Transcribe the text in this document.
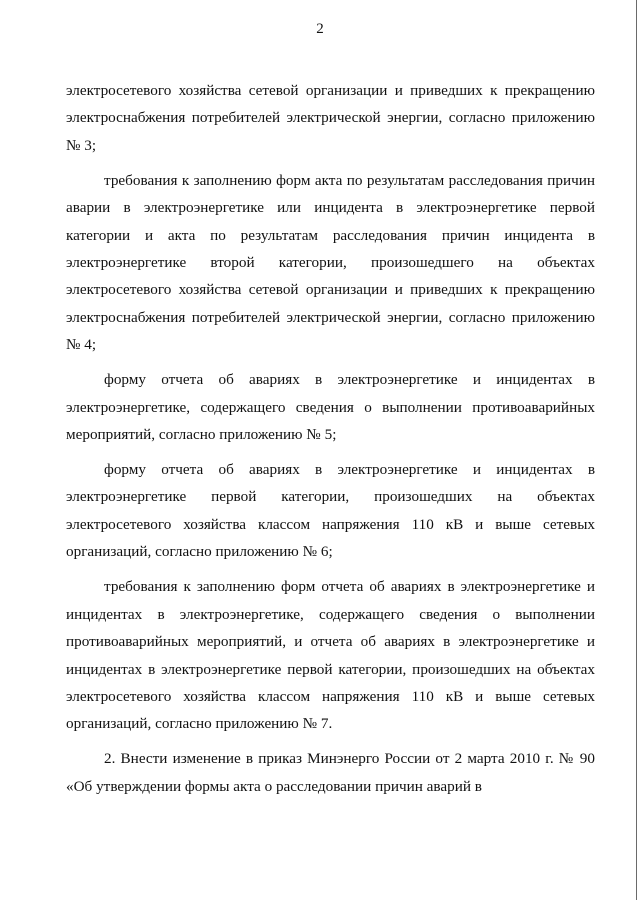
2

электросетевого хозяйства сетевой организации и приведших к прекращению электроснабжения потребителей электрической энергии, согласно приложению № 3;

требования к заполнению форм акта по результатам расследования причин аварии в электроэнергетике или инцидента в электроэнергетике первой категории и акта по результатам расследования причин инцидента в электроэнергетике второй категории, произошедшего на объектах электросетевого хозяйства сетевой организации и приведших к прекращению электроснабжения потребителей электрической энергии, согласно приложению № 4;

форму отчета об авариях в электроэнергетике и инцидентах в электроэнергетике, содержащего сведения о выполнении противоаварийных мероприятий, согласно приложению № 5;

форму отчета об авариях в электроэнергетике и инцидентах в электроэнергетике первой категории, произошедших на объектах электросетевого хозяйства классом напряжения 110 кВ и выше сетевых организаций, согласно приложению № 6;

требования к заполнению форм отчета об авариях в электроэнергетике и инцидентах в электроэнергетике, содержащего сведения о выполнении противоаварийных мероприятий, и отчета об авариях в электроэнергетике и инцидентах в электроэнергетике первой категории, произошедших на объектах электросетевого хозяйства классом напряжения 110 кВ и выше сетевых организаций, согласно приложению № 7.

2. Внести изменение в приказ Минэнерго России от 2 марта 2010 г. № 90 «Об утверждении формы акта о расследовании причин аварий в
